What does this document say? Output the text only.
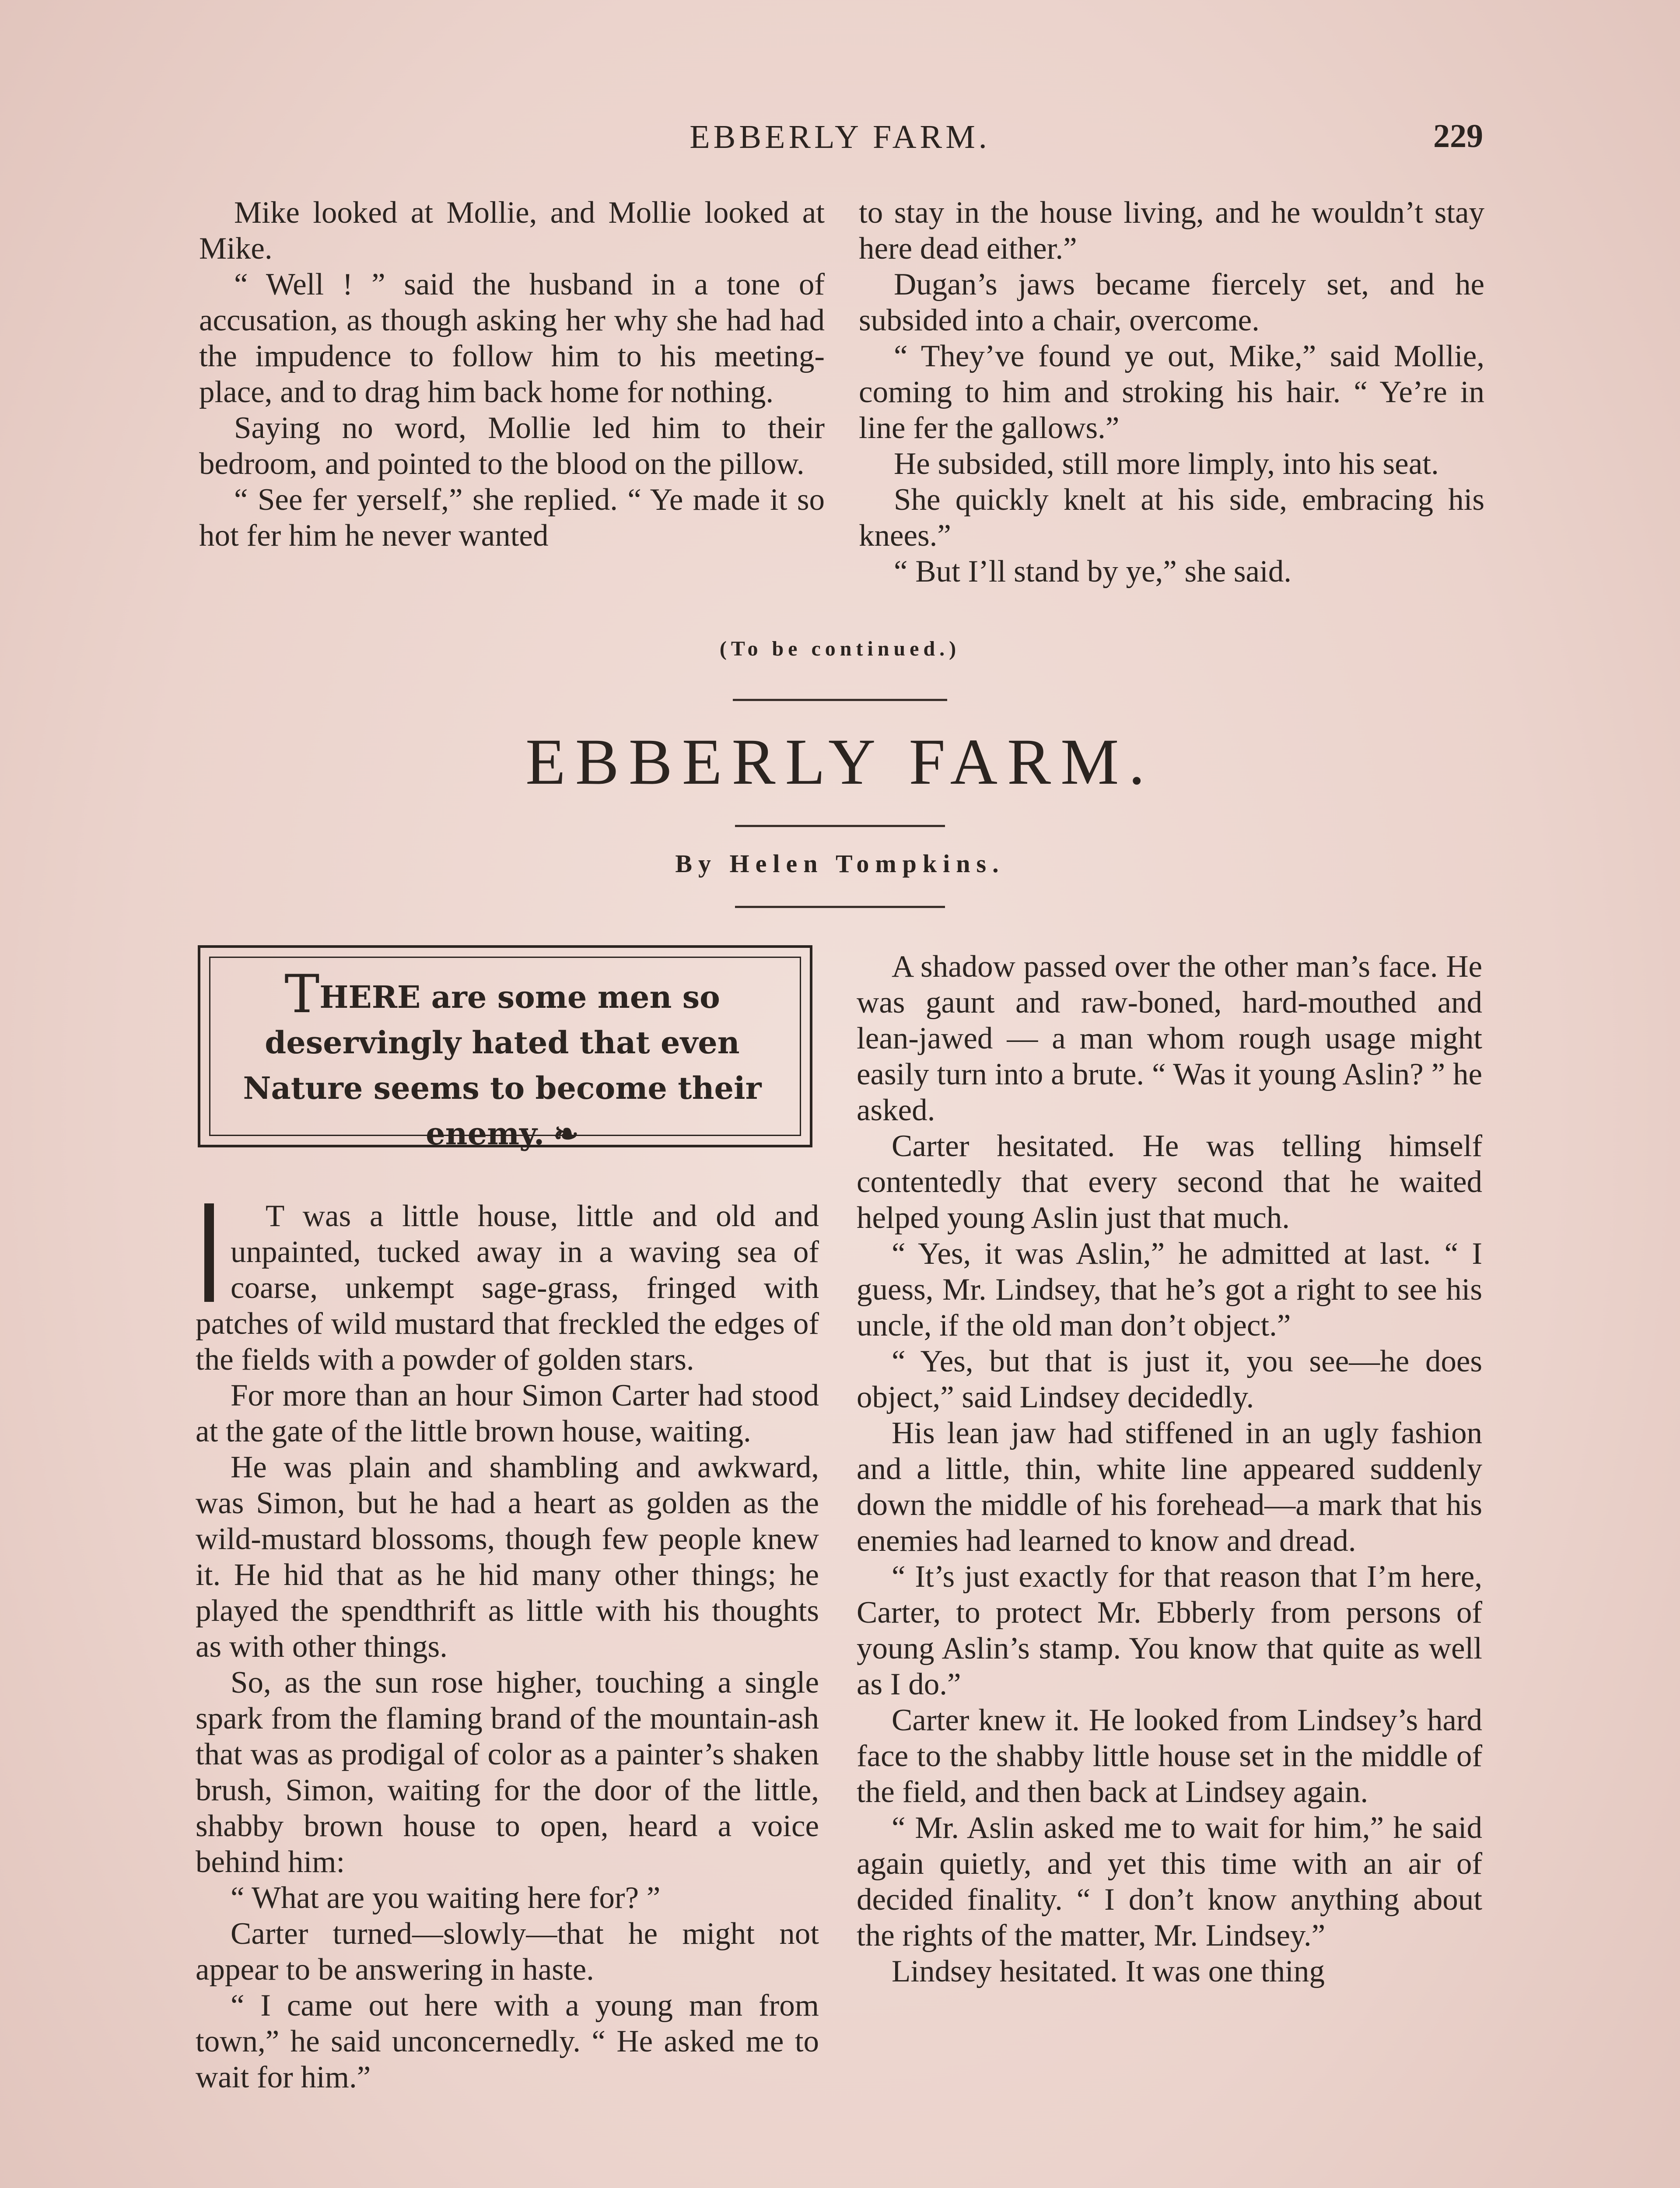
EBBERLY FARM.	229

Mike looked at Mollie, and Mollie looked at Mike.

“ Well ! ” said the husband in a tone of accusation, as though asking her why she had had the impudence to follow him to his meeting-place, and to drag him back home for nothing.

Saying no word, Mollie led him to their bedroom, and pointed to the blood on the pillow.

“ See fer yerself,” she replied. “ Ye made it so hot fer him he never wanted

to stay in the house living, and he wouldn’t stay here dead either.”

Dugan’s jaws became fiercely set, and he subsided into a chair, overcome.

“ They’ve found ye out, Mike,” said Mollie, coming to him and stroking his hair. “ Ye’re in line fer the gallows.”

He subsided, still more limply, into his seat.

She quickly knelt at his side, embracing his knees.”

“ But I’ll stand by ye,” she said.

(To be continued.)
EBBERLY FARM.
By Helen Tompkins.
THERE are some men so deservingly hated that even Nature seems to become their enemy. ❧

T was a little house, little and old and unpainted, tucked away in a waving sea of coarse, unkempt sage-grass, fringed with patches of wild mustard that freckled the edges of the fields with a powder of golden stars.

For more than an hour Simon Carter had stood at the gate of the little brown house, waiting.

He was plain and shambling and awkward, was Simon, but he had a heart as golden as the wild-mustard blossoms, though few people knew it. He hid that as he hid many other things; he played the spendthrift as little with his thoughts as with other things.

So, as the sun rose higher, touching a single spark from the flaming brand of the mountain-ash that was as prodigal of color as a painter’s shaken brush, Simon, waiting for the door of the little, shabby brown house to open, heard a voice behind him:

“ What are you waiting here for? ”

Carter turned—slowly—that he might not appear to be answering in haste.

“ I came out here with a young man from town,” he said unconcernedly. “ He asked me to wait for him.”

A shadow passed over the other man’s face. He was gaunt and raw-boned, hard-mouthed and lean-jawed — a man whom rough usage might easily turn into a brute. “ Was it young Aslin? ” he asked.

Carter hesitated. He was telling himself contentedly that every second that he waited helped young Aslin just that much.

“ Yes, it was Aslin,” he admitted at last. “ I guess, Mr. Lindsey, that he’s got a right to see his uncle, if the old man don’t object.”

“ Yes, but that is just it, you see—he does object,” said Lindsey decidedly.

His lean jaw had stiffened in an ugly fashion and a little, thin, white line appeared suddenly down the middle of his forehead—a mark that his enemies had learned to know and dread.

“ It’s just exactly for that reason that I’m here, Carter, to protect Mr. Ebberly from persons of young Aslin’s stamp. You know that quite as well as I do.”

Carter knew it. He looked from Lindsey’s hard face to the shabby little house set in the middle of the field, and then back at Lindsey again.

“ Mr. Aslin asked me to wait for him,” he said again quietly, and yet this time with an air of decided finality. “ I don’t know anything about the rights of the matter, Mr. Lindsey.”

Lindsey hesitated. It was one thing
